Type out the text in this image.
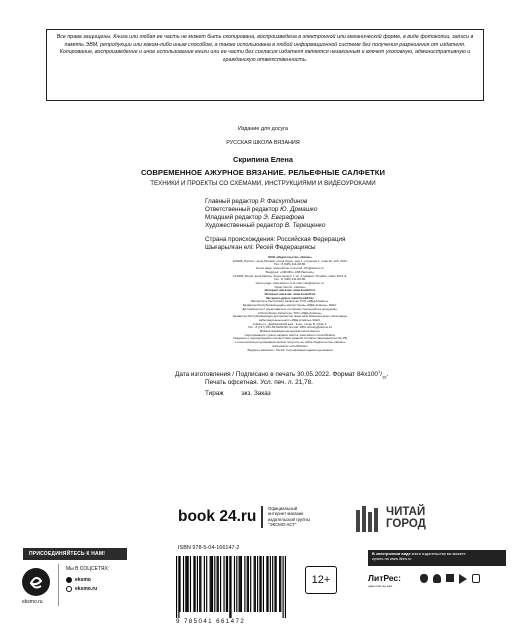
Все права защищены. Книга или любая ее часть не может быть скопирована, воспроизведена в электронной или механической форме, в виде фотокопии, записи в память ЭВМ, репродукции или каким-либо иным способом, а также использована в любой информационной системе без получения разрешения от издателя. Копирование, воспроизведение и иное использование книги или ее части без согласия издателя является незаконным и влечет уголовную, административную и гражданскую ответственность.
Издание для досуга
РУССКАЯ ШКОЛА ВЯЗАНИЯ
Скрипина Елена
СОВРЕМЕННОЕ АЖУРНОЕ ВЯЗАНИЕ. РЕЛЬЕФНЫЕ САЛФЕТКИ
ТЕХНИКИ И ПРОЕКТЫ СО СХЕМАМИ, ИНСТРУКЦИЯМИ И ВИДЕОУРОКАМИ
Главный редактор Р. Фасхутдинов
Ответственный редактор Ю. Дрмашко
Младший редактор Э. Евграфова
Художественный редактор В. Терещенко
Страна происхождения: Российская Федерация
Шығарылған елі: Ресей Федерациясы
ООО «Издательство «Эксмо»
123308, Россия, город Москва, улица Зорге, дом 1, строение 1, этаж 20, каб. 2013.
Тел.: 8 (495) 411-68-86.
Home page: www.eksmo.ru E-mail: info@eksmo.ru
Өндіруші: «ЭКСМО» АҚБ Баспасы,
123308, Ресей, қала Мәскеу, Зорге көшесі, 1 үй, 1 ғимарат, 20 қабат, офис 2013 ж.
Тел.: 8 (495) 411-68-86.
Home page: www.eksmo.ru E-mail: info@eksmo.ru.
Тауар белгісі: «Эксмо»
Интернет-магазин: www.book24.ru
Интернет-магазин: www.book24.kz
Интернет-дүкен: www.book24.kz
Импортёр в Республику Казахстан ТОО «РДЦ-Алматы».
Қазақстан Республикасындағы импорттаушы «РДЦ-Алматы» ЖШС.
Дистрибьютор и представитель по приему претензий на продукцию,
в Республике Казахстан: ТОО «РДЦ-Алматы»
Қазақстан Республикасында дистрибьютор және өнім бойынша арыз-талаптарды
қабылдаушының өкілі «РДЦ-Алматы» ЖШС,
Алматы қ., Домбровский көш., 3«а», литер Б, офис 1.
Тел.: 8 (727) 251-59-90/91/92; E-mail: RDC-Almaty@eksmo.kz
Өнімнің жарамдылық мерзімі шектелмеген.
Сертификация туралы ақпарат сайтта: www.eksmo.ru/certification
Сведения о подтверждении соответствия издания согласно законодательству РФ
о техническом регулировании можно получить на сайте Издательства «Эксмо»
www.eksmo.ru/certification
Өндірген мемлекет: Ресей. Сертификация қарастырылмаған
Дата изготовления / Подписано в печать 30.05.2022. Формат $84x100^1/_{16}$.
Печать офсетная. Усл. печ. л. 21,78.
Тираж          экз. Заказ
book 24.ru	Официальный
интернет-магазин
издательской группы
"ЭКСМО-АСТ"
ЧИТАЙ
ГОРОД
ПРИСОЕДИНЯЙТЕСЬ К НАМ!
eksmo.ru
Мы В СОЦСЕТЯХ:
eksmo
eksmo.ru
ISBN 978-5-04-166147-2
9 785041 661472
12+
В электронном виде книги издательства вы можете
купить на www.litres.ru
ЛитРес:
один клик до книг
